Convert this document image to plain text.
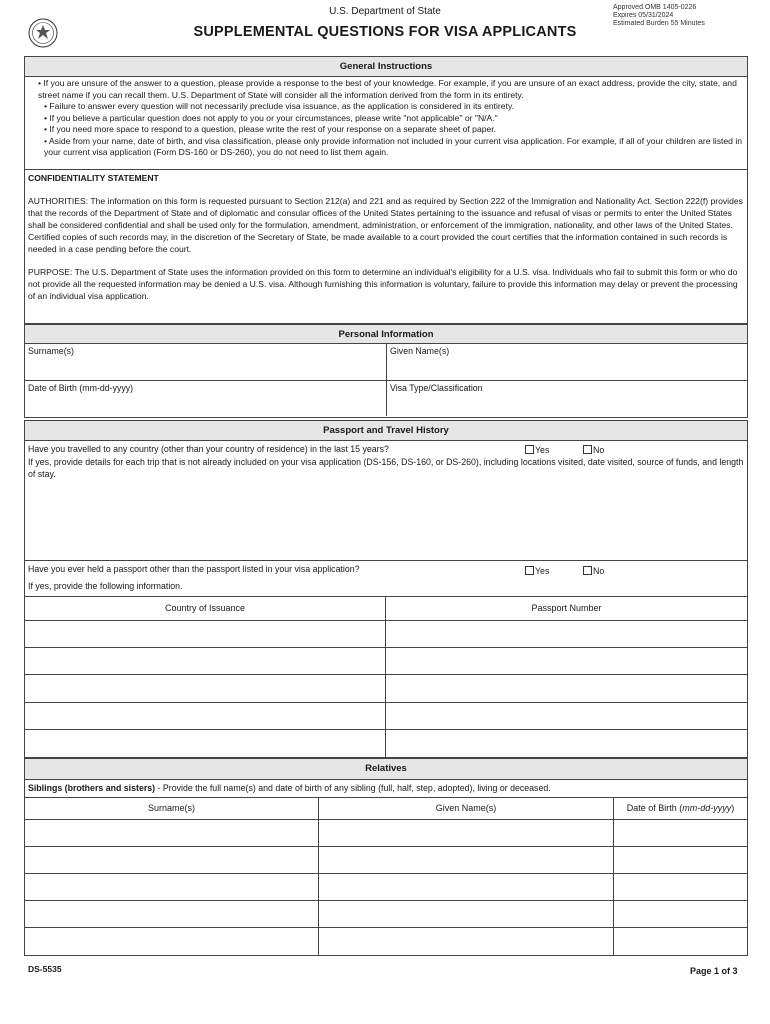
U.S. Department of State
SUPPLEMENTAL QUESTIONS FOR VISA APPLICANTS
Approved OMB 1405-0226
Expires 05/31/2024
Estimated Burden 55 Minutes
General Instructions
• If you are unsure of the answer to a question, please provide a response to the best of your knowledge. For example, if you are unsure of an exact address, provide the city, state, and street name if you can recall them. U.S. Department of State will consider all the information derived from the form in its entirety.
• Failure to answer every question will not necessarily preclude visa issuance, as the application is considered in its entirety.
• If you believe a particular question does not apply to you or your circumstances, please write "not applicable" or "N/A."
• If you need more space to respond to a question, please write the rest of your response on a separate sheet of paper.
• Aside from your name, date of birth, and visa classification, please only provide information not included in your current visa application. For example, if all of your children are listed in your current visa application (Form DS-160 or DS-260), you do not need to list them again.
CONFIDENTIALITY STATEMENT
AUTHORITIES: The information on this form is requested pursuant to Section 212(a) and 221 and as required by Section 222 of the Immigration and Nationality Act. Section 222(f) provides that the records of the Department of State and of diplomatic and consular offices of the United States pertaining to the issuance and refusal of visas or permits to enter the United States shall be considered confidential and shall be used only for the formulation, amendment, administration, or enforcement of the immigration, nationality, and other laws of the United States. Certified copies of such records may, in the discretion of the Secretary of State, be made available to a court provided the court certifies that the information contained in such records is needed in a case pending before the court.
PURPOSE: The U.S. Department of State uses the information provided on this form to determine an individual's eligibility for a U.S. visa. Individuals who fail to submit this form or who do not provide all the requested information may be denied a U.S. visa. Although furnishing this information is voluntary, failure to provide this information may delay or prevent the processing of an individual visa application.
Personal Information
Surname(s)	Given Name(s)
Date of Birth (mm-dd-yyyy)	Visa Type/Classification
Passport and Travel History
Have you travelled to any country (other than your country of residence) in the last 15 years?	Yes	No
If yes, provide details for each trip that is not already included on your visa application (DS-156, DS-160, or DS-260), including locations visited, date visited, source of funds, and length of stay.
Have you ever held a passport other than the passport listed in your visa application?	Yes	No
If yes, provide the following information.
Country of Issuance	Passport Number
Relatives
Siblings (brothers and sisters) - Provide the full name(s) and date of birth of any sibling (full, half, step, adopted), living or deceased.
Surname(s)	Given Name(s)	Date of Birth (mm-dd-yyyy)
DS-5535	Page 1 of 3
